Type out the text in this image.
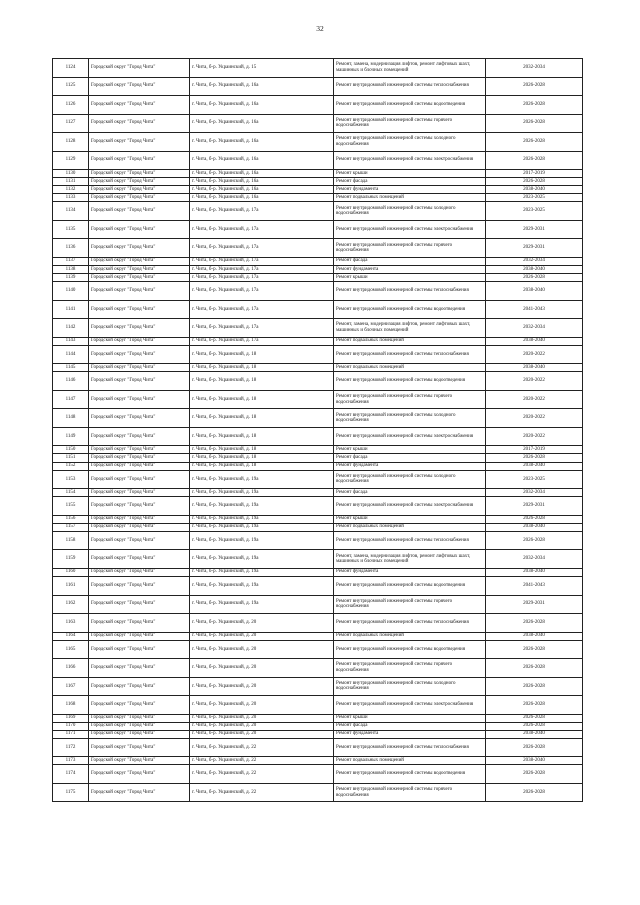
32
1124	Городской округ "Город Чита"	г. Чита, б-р. Украинский, д. 15	Ремонт, замена, модернизация лифтов, ремонт лифтовых шахт, машинных и блочных помещений	2032-2034
1125	Городской округ "Город Чита"	г. Чита, б-р. Украинский, д. 16а	Ремонт внутридомовой инженерной системы теплоснабжения	2026-2028
1126	Городской округ "Город Чита"	г. Чита, б-р. Украинский, д. 16а	Ремонт внутридомовой инженерной системы водоотведения	2026-2028
1127	Городской округ "Город Чита"	г. Чита, б-р. Украинский, д. 16а	Ремонт внутридомовой инженерной системы горячего водоснабжения	2026-2028
1128	Городской округ "Город Чита"	г. Чита, б-р. Украинский, д. 16а	Ремонт внутридомовой инженерной системы холодного водоснабжения	2026-2028
1129	Городской округ "Город Чита"	г. Чита, б-р. Украинский, д. 16а	Ремонт внутридомовой инженерной системы электроснабжения	2026-2028
1130	Городской округ "Город Чита"	г. Чита, б-р. Украинский, д. 16а	Ремонт крыши	2017-2019
1131	Городской округ "Город Чита"	г. Чита, б-р. Украинский, д. 16а	Ремонт фасада	2026-2028
1132	Городской округ "Город Чита"	г. Чита, б-р. Украинский, д. 16а	Ремонт фундамента	2038-2040
1133	Городской округ "Город Чита"	г. Чита, б-р. Украинский, д. 16а	Ремонт подвальных помещений	2023-2025
1134	Городской округ "Город Чита"	г. Чита, б-р. Украинский, д. 17а	Ремонт внутридомовой инженерной системы холодного водоснабжения	2023-2025
1135	Городской округ "Город Чита"	г. Чита, б-р. Украинский, д. 17а	Ремонт внутридомовой инженерной системы электроснабжения	2029-2031
1136	Городской округ "Город Чита"	г. Чита, б-р. Украинский, д. 17а	Ремонт внутридомовой инженерной системы горячего водоснабжения	2029-2031
1137	Городской округ "Город Чита"	г. Чита, б-р. Украинский, д. 17а	Ремонт фасада	2032-2034
1138	Городской округ "Город Чита"	г. Чита, б-р. Украинский, д. 17а	Ремонт фундамента	2038-2040
1139	Городской округ "Город Чита"	г. Чита, б-р. Украинский, д. 17а	Ремонт крыши	2026-2028
1140	Городской округ "Город Чита"	г. Чита, б-р. Украинский, д. 17а	Ремонт внутридомовой инженерной системы теплоснабжения	2038-2040
1141	Городской округ "Город Чита"	г. Чита, б-р. Украинский, д. 17а	Ремонт внутридомовой инженерной системы водоотведения	2041-2043
1142	Городской округ "Город Чита"	г. Чита, б-р. Украинский, д. 17а	Ремонт, замена, модернизация лифтов, ремонт лифтовых шахт, машинных и блочных помещений	2032-2034
1143	Городской округ "Город Чита"	г. Чита, б-р. Украинский, д. 17а	Ремонт подвальных помещений	2038-2040
1144	Городской округ "Город Чита"	г. Чита, б-р. Украинский, д. 18	Ремонт внутридомовой инженерной системы теплоснабжения	2020-2022
1145	Городской округ "Город Чита"	г. Чита, б-р. Украинский, д. 18	Ремонт подвальных помещений	2038-2040
1146	Городской округ "Город Чита"	г. Чита, б-р. Украинский, д. 18	Ремонт внутридомовой инженерной системы водоотведения	2020-2022
1147	Городской округ "Город Чита"	г. Чита, б-р. Украинский, д. 18	Ремонт внутридомовой инженерной системы горячего водоснабжения	2020-2022
1148	Городской округ "Город Чита"	г. Чита, б-р. Украинский, д. 18	Ремонт внутридомовой инженерной системы холодного водоснабжения	2020-2022
1149	Городской округ "Город Чита"	г. Чита, б-р. Украинский, д. 18	Ремонт внутридомовой инженерной системы электроснабжения	2020-2022
1150	Городской округ "Город Чита"	г. Чита, б-р. Украинский, д. 18	Ремонт крыши	2017-2019
1151	Городской округ "Город Чита"	г. Чита, б-р. Украинский, д. 18	Ремонт фасада	2026-2028
1152	Городской округ "Город Чита"	г. Чита, б-р. Украинский, д. 18	Ремонт фундамента	2038-2040
1153	Городской округ "Город Чита"	г. Чита, б-р. Украинский, д. 19а	Ремонт внутридомовой инженерной системы холодного водоснабжения	2023-2025
1154	Городской округ "Город Чита"	г. Чита, б-р. Украинский, д. 19а	Ремонт фасада	2032-2034
1155	Городской округ "Город Чита"	г. Чита, б-р. Украинский, д. 19а	Ремонт внутридомовой инженерной системы электроснабжения	2029-2031
1156	Городской округ "Город Чита"	г. Чита, б-р. Украинский, д. 19а	Ремонт крыши	2026-2028
1157	Городской округ "Город Чита"	г. Чита, б-р. Украинский, д. 19а	Ремонт подвальных помещений	2038-2040
1158	Городской округ "Город Чита"	г. Чита, б-р. Украинский, д. 19а	Ремонт внутридомовой инженерной системы теплоснабжения	2026-2028
1159	Городской округ "Город Чита"	г. Чита, б-р. Украинский, д. 19а	Ремонт, замена, модернизация лифтов, ремонт лифтовых шахт, машинных и блочных помещений	2032-2034
1160	Городской округ "Город Чита"	г. Чита, б-р. Украинский, д. 19а	Ремонт фундамента	2038-2040
1161	Городской округ "Город Чита"	г. Чита, б-р. Украинский, д. 19а	Ремонт внутридомовой инженерной системы водоотведения	2041-2043
1162	Городской округ "Город Чита"	г. Чита, б-р. Украинский, д. 19а	Ремонт внутридомовой инженерной системы горячего водоснабжения	2029-2031
1163	Городской округ "Город Чита"	г. Чита, б-р. Украинский, д. 20	Ремонт внутридомовой инженерной системы теплоснабжения	2026-2028
1164	Городской округ "Город Чита"	г. Чита, б-р. Украинский, д. 20	Ремонт подвальных помещений	2038-2040
1165	Городской округ "Город Чита"	г. Чита, б-р. Украинский, д. 20	Ремонт внутридомовой инженерной системы водоотведения	2026-2028
1166	Городской округ "Город Чита"	г. Чита, б-р. Украинский, д. 20	Ремонт внутридомовой инженерной системы горячего водоснабжения	2026-2028
1167	Городской округ "Город Чита"	г. Чита, б-р. Украинский, д. 20	Ремонт внутридомовой инженерной системы холодного водоснабжения	2026-2028
1168	Городской округ "Город Чита"	г. Чита, б-р. Украинский, д. 20	Ремонт внутридомовой инженерной системы электроснабжения	2026-2028
1169	Городской округ "Город Чита"	г. Чита, б-р. Украинский, д. 20	Ремонт крыши	2026-2028
1170	Городской округ "Город Чита"	г. Чита, б-р. Украинский, д. 20	Ремонт фасада	2026-2028
1171	Городской округ "Город Чита"	г. Чита, б-р. Украинский, д. 20	Ремонт фундамента	2038-2040
1172	Городской округ "Город Чита"	г. Чита, б-р. Украинский, д. 22	Ремонт внутридомовой инженерной системы теплоснабжения	2026-2028
1173	Городской округ "Город Чита"	г. Чита, б-р. Украинский, д. 22	Ремонт подвальных помещений	2038-2040
1174	Городской округ "Город Чита"	г. Чита, б-р. Украинский, д. 22	Ремонт внутридомовой инженерной системы водоотведения	2026-2028
1175	Городской округ "Город Чита"	г. Чита, б-р. Украинский, д. 22	Ремонт внутридомовой инженерной системы горячего водоснабжения	2026-2028
